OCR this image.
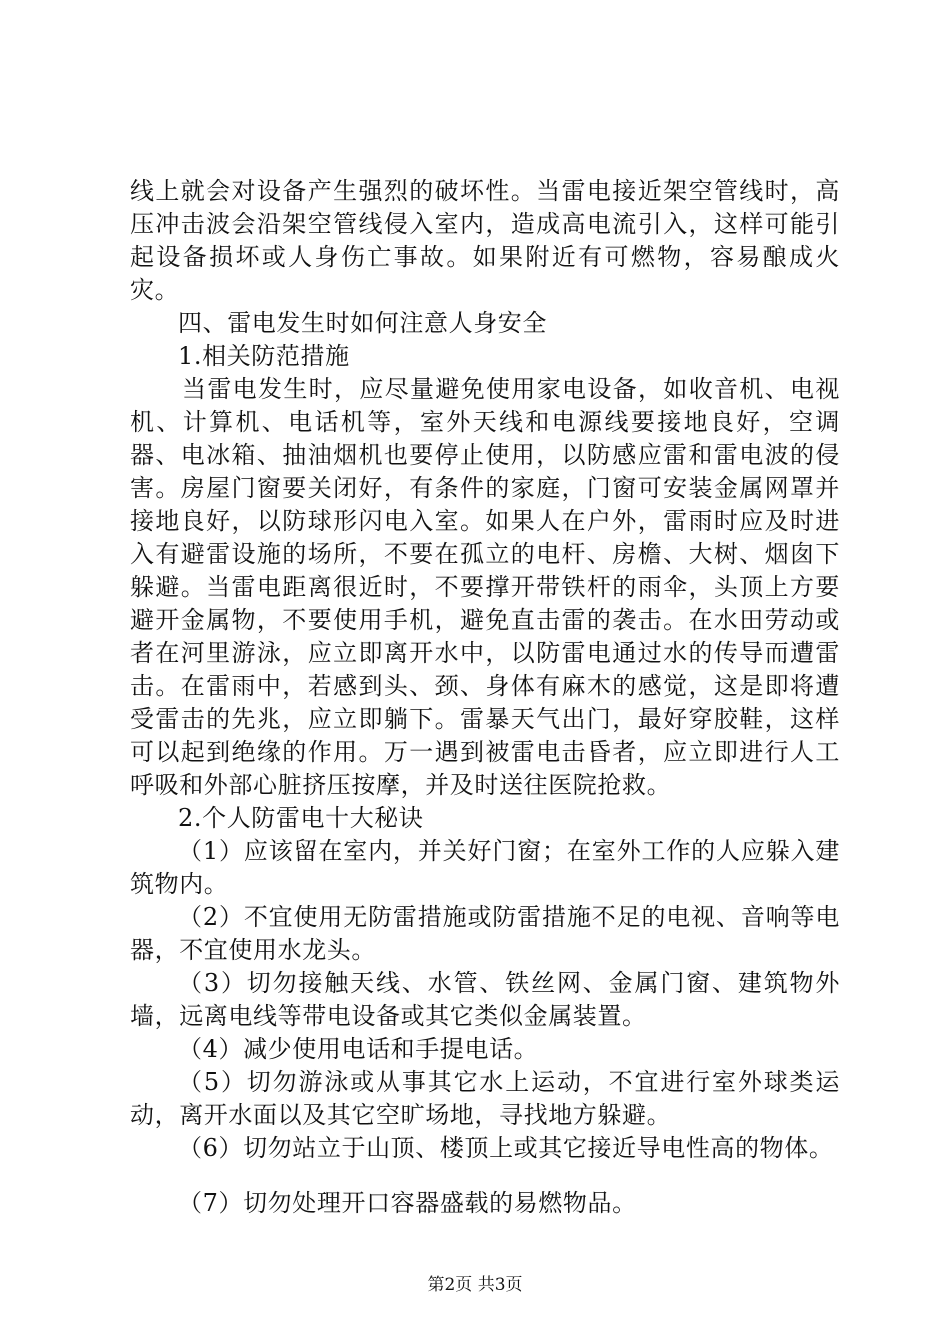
线上就会对设备产生强烈的破坏性。当雷电接近架空管线时，高压冲击波会沿架空管线侵入室内，造成高电流引入，这样可能引起设备损坏或人身伤亡事故。如果附近有可燃物，容易酿成火灾。

四、雷电发生时如何注意人身安全

1.相关防范措施

当雷电发生时，应尽量避免使用家电设备，如收音机、电视机、计算机、电话机等，室外天线和电源线要接地良好，空调器、电冰箱、抽油烟机也要停止使用，以防感应雷和雷电波的侵害。房屋门窗要关闭好，有条件的家庭，门窗可安装金属网罩并接地良好，以防球形闪电入室。如果人在户外，雷雨时应及时进入有避雷设施的场所，不要在孤立的电杆、房檐、大树、烟囱下躲避。当雷电距离很近时，不要撑开带铁杆的雨伞，头顶上方要避开金属物，不要使用手机，避免直击雷的袭击。在水田劳动或者在河里游泳，应立即离开水中，以防雷电通过水的传导而遭雷击。在雷雨中，若感到头、颈、身体有麻木的感觉，这是即将遭受雷击的先兆，应立即躺下。雷暴天气出门，最好穿胶鞋，这样可以起到绝缘的作用。万一遇到被雷电击昏者，应立即进行人工呼吸和外部心脏挤压按摩，并及时送往医院抢救。

2.个人防雷电十大秘诀

（1）应该留在室内，并关好门窗；在室外工作的人应躲入建筑物内。

（2）不宜使用无防雷措施或防雷措施不足的电视、音响等电器，不宜使用水龙头。

（3）切勿接触天线、水管、铁丝网、金属门窗、建筑物外墙，远离电线等带电设备或其它类似金属装置。

（4）减少使用电话和手提电话。

（5）切勿游泳或从事其它水上运动，不宜进行室外球类运动，离开水面以及其它空旷场地，寻找地方躲避。

（6）切勿站立于山顶、楼顶上或其它接近导电性高的物体。

（7）切勿处理开口容器盛载的易燃物品。

第2页 共3页
